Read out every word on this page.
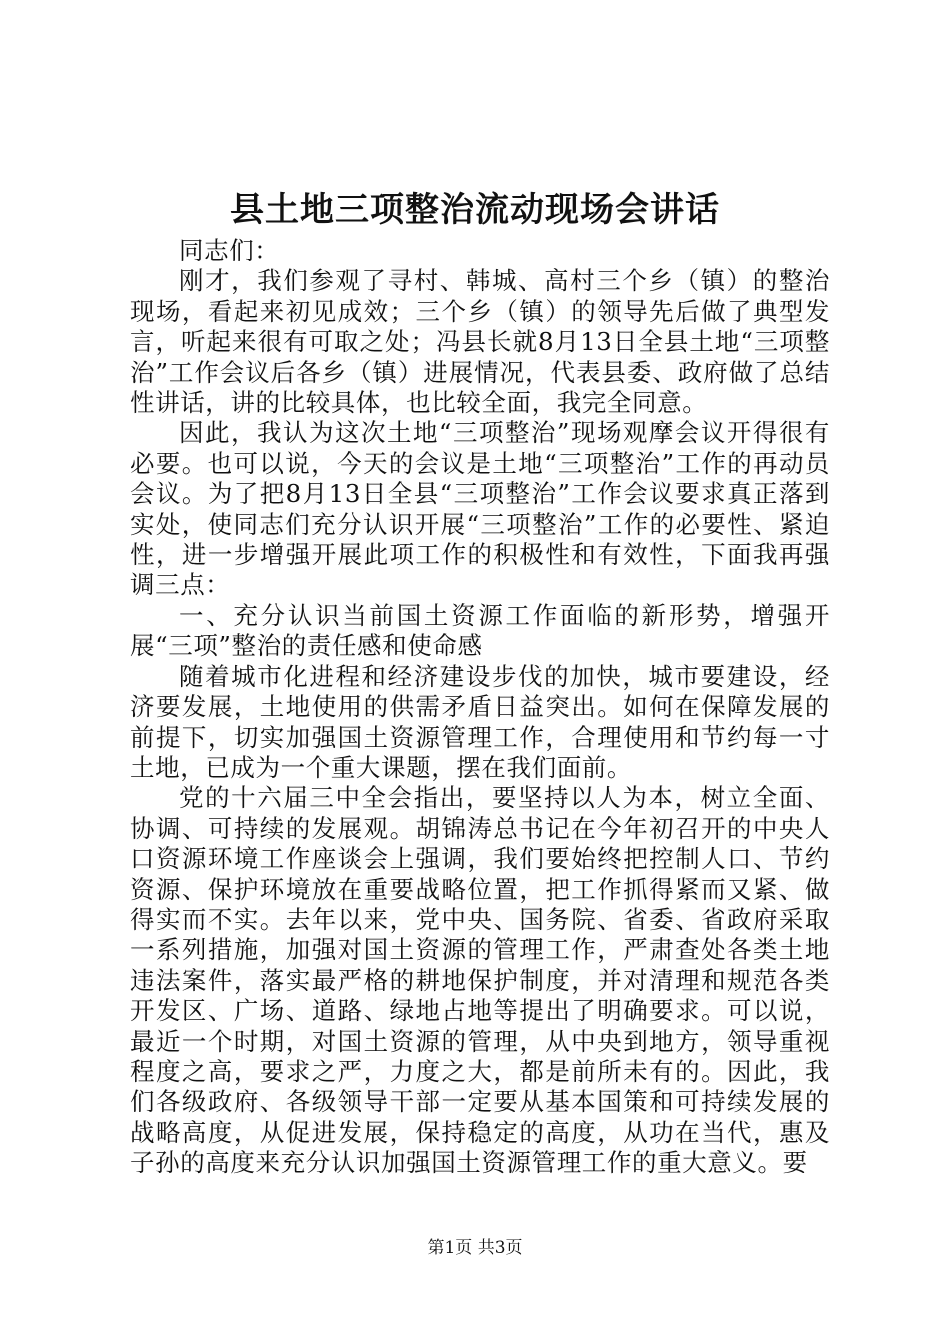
县土地三项整治流动现场会讲话

同志们：

刚才，我们参观了寻村、韩城、高村三个乡（镇）的整治现场，看起来初见成效；三个乡（镇）的领导先后做了典型发言，听起来很有可取之处；冯县长就8月13日全县土地“三项整治”工作会议后各乡（镇）进展情况，代表县委、政府做了总结性讲话，讲的比较具体，也比较全面，我完全同意。

因此，我认为这次土地“三项整治”现场观摩会议开得很有必要。也可以说，今天的会议是土地“三项整治”工作的再动员会议。为了把8月13日全县“三项整治”工作会议要求真正落到实处，使同志们充分认识开展“三项整治”工作的必要性、紧迫性，进一步增强开展此项工作的积极性和有效性，下面我再强调三点：

一、充分认识当前国土资源工作面临的新形势，增强开展“三项”整治的责任感和使命感

随着城市化进程和经济建设步伐的加快，城市要建设，经济要发展，土地使用的供需矛盾日益突出。如何在保障发展的前提下，切实加强国土资源管理工作，合理使用和节约每一寸土地，已成为一个重大课题，摆在我们面前。

党的十六届三中全会指出，要坚持以人为本，树立全面、协调、可持续的发展观。胡锦涛总书记在今年初召开的中央人口资源环境工作座谈会上强调，我们要始终把控制人口、节约资源、保护环境放在重要战略位置，把工作抓得紧而又紧、做得实而不实。去年以来，党中央、国务院、省委、省政府采取一系列措施，加强对国土资源的管理工作，严肃查处各类土地违法案件，落实最严格的耕地保护制度，并对清理和规范各类开发区、广场、道路、绿地占地等提出了明确要求。可以说，最近一个时期，对国土资源的管理，从中央到地方，领导重视程度之高，要求之严，力度之大，都是前所未有的。因此，我们各级政府、各级领导干部一定要从基本国策和可持续发展的战略高度，从促进发展，保持稳定的高度，从功在当代，惠及子孙的高度来充分认识加强国土资源管理工作的重大意义。要

第1页 共3页
